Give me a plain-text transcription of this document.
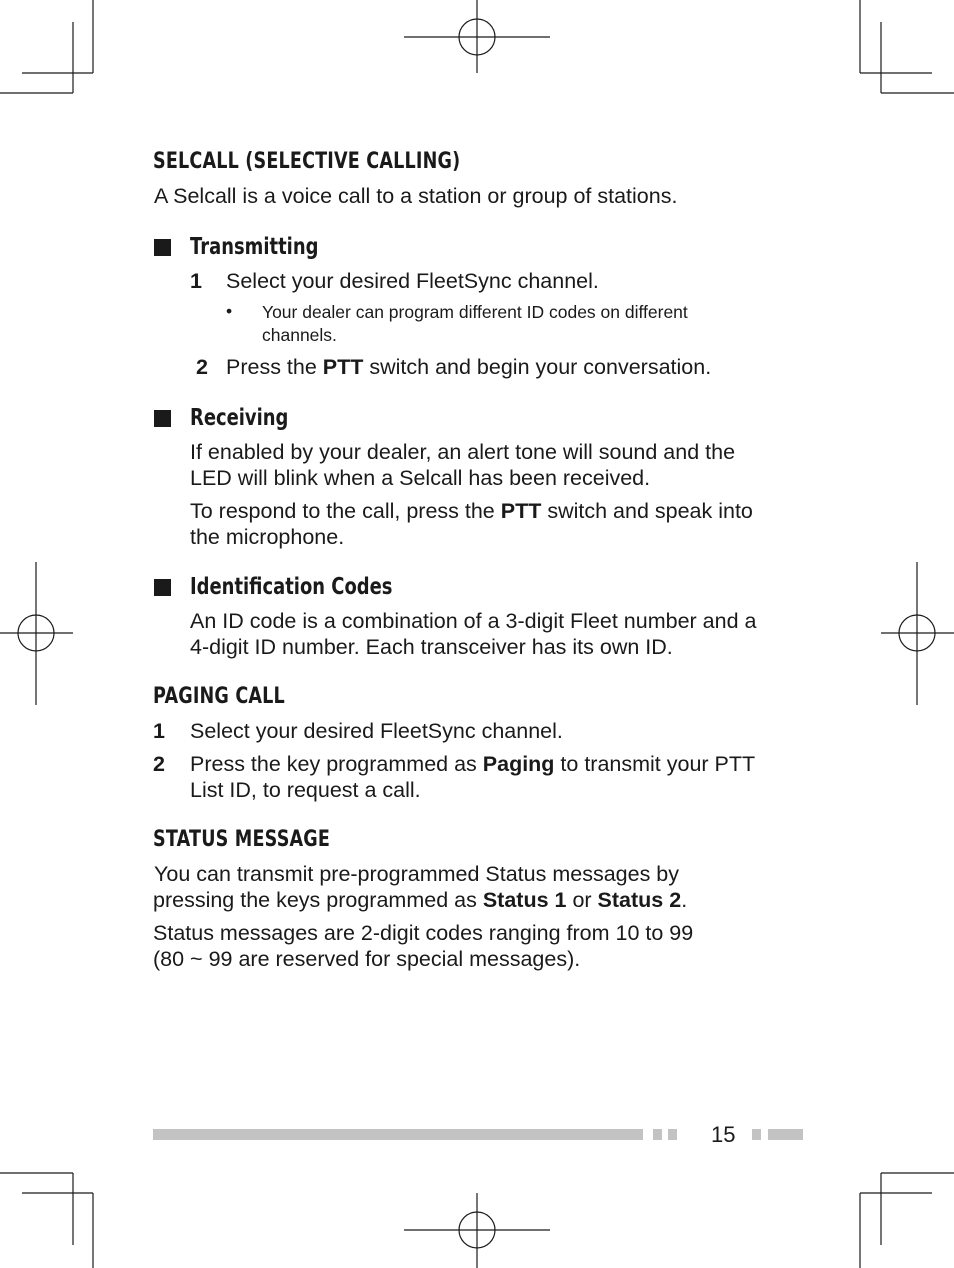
SELCALL (SELECTIVE CALLING)

A Selcall is a voice call to a station or group of stations.

Transmitting

1 Select your desired FleetSync channel.

• Your dealer can program different ID codes on different

channels.

2 Press the PTT switch and begin your conversation.

Receiving

If enabled by your dealer, an alert tone will sound and the

LED will blink when a Selcall has been received.

To respond to the call, press the PTT switch and speak into

the microphone.

Identification Codes

An ID code is a combination of a 3-digit Fleet number and a

4-digit ID number. Each transceiver has its own ID.

PAGING CALL

1 Select your desired FleetSync channel.

2 Press the key programmed as Paging to transmit your PTT

List ID, to request a call.

STATUS MESSAGE

You can transmit pre-programmed Status messages by

pressing the keys programmed as Status 1 or Status 2.

Status messages are 2-digit codes ranging from 10 to 99

(80 ~ 99 are reserved for special messages).

15
